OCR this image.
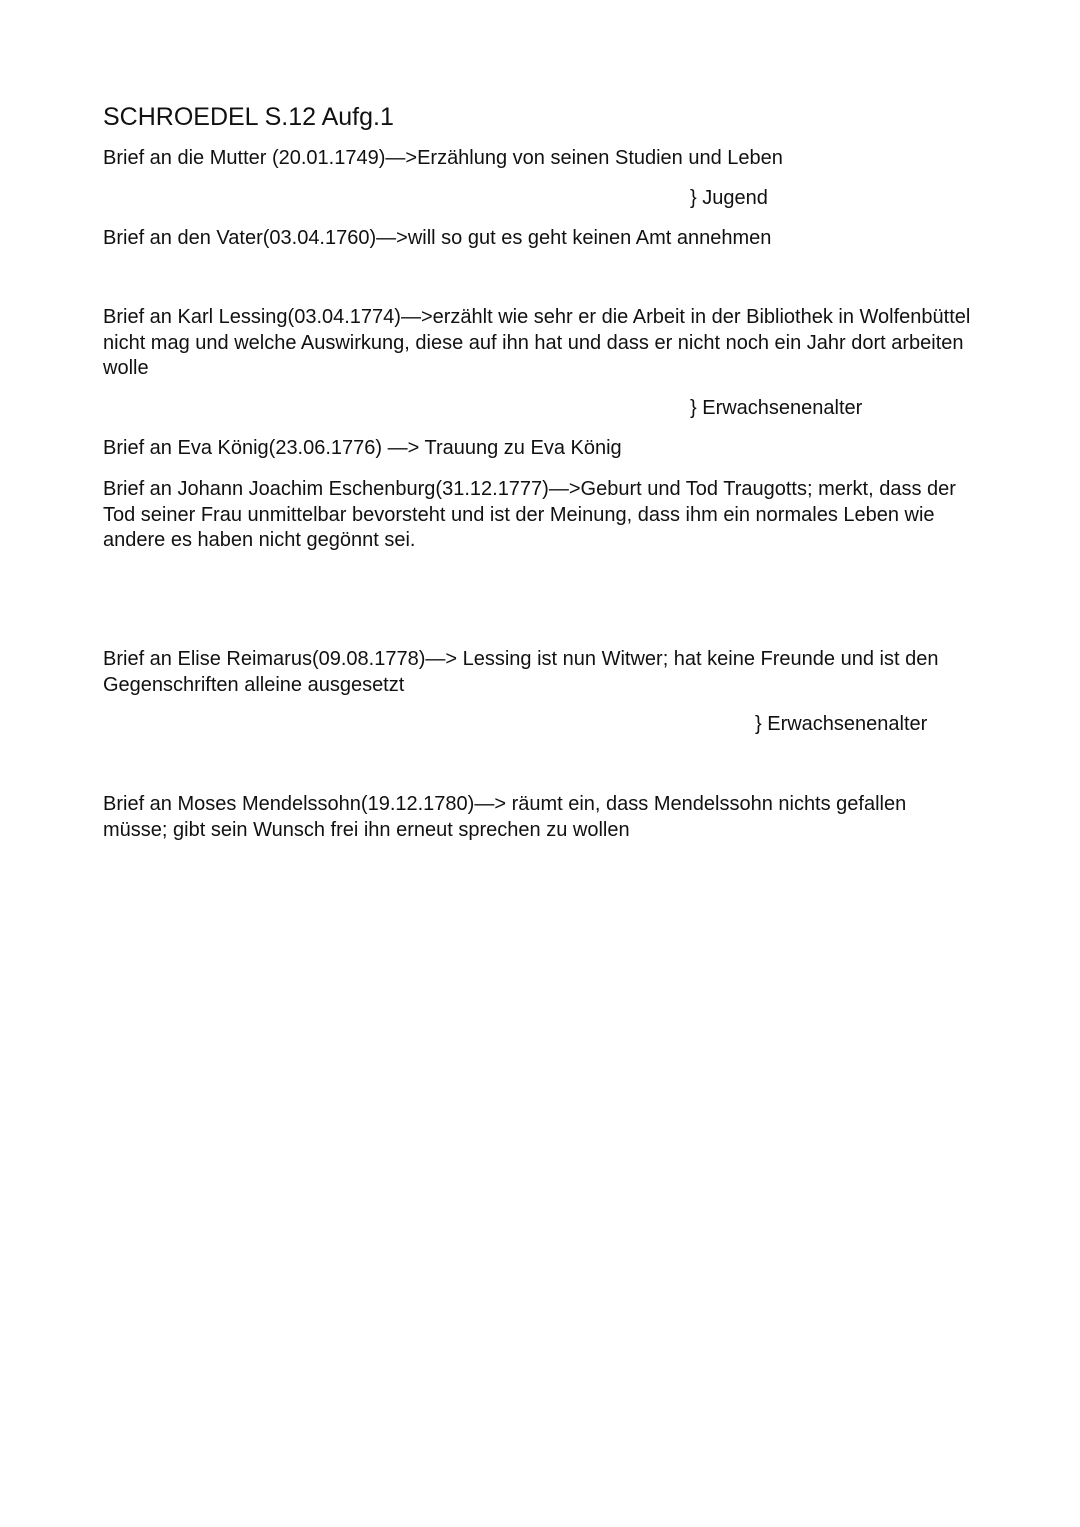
SCHROEDEL S.12 Aufg.1
Brief an die Mutter (20.01.1749)—>Erzählung von seinen Studien und Leben
} Jugend
Brief an den Vater(03.04.1760)—>will so gut es geht keinen Amt annehmen
Brief an Karl Lessing(03.04.1774)—>erzählt wie sehr er die Arbeit in der Bibliothek in Wolfenbüttel nicht mag und welche Auswirkung, diese auf ihn hat und dass er nicht noch ein Jahr dort arbeiten wolle
} Erwachsenenalter
Brief an Eva König(23.06.1776) —> Trauung zu Eva König
Brief an Johann Joachim Eschenburg(31.12.1777)—>Geburt und Tod Traugotts; merkt, dass der Tod seiner Frau unmittelbar bevorsteht und ist der Meinung, dass ihm ein normales Leben wie andere es haben nicht gegönnt sei.
Brief an Elise Reimarus(09.08.1778)—> Lessing ist nun Witwer; hat keine Freunde und ist den Gegenschriften alleine ausgesetzt
} Erwachsenenalter
Brief an Moses Mendelssohn(19.12.1780)—> räumt ein, dass Mendelssohn nichts gefallen müsse; gibt sein Wunsch frei ihn erneut sprechen zu wollen
